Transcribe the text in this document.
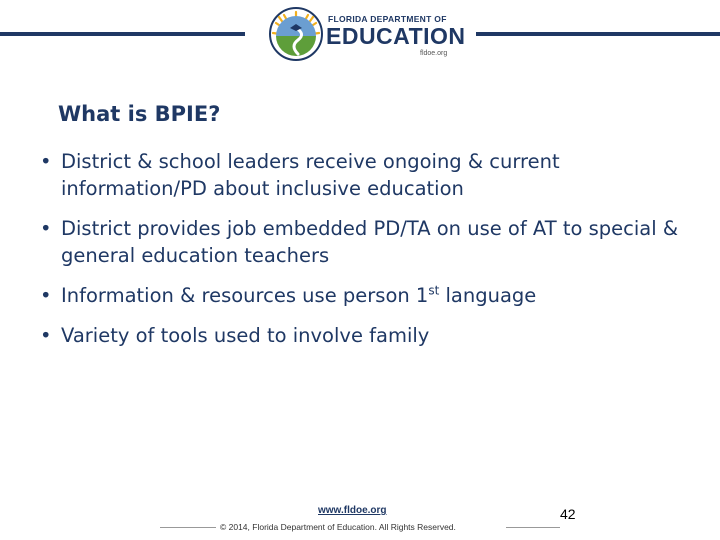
FLORIDA DEPARTMENT OF
EDUCATION
fldoe.org
What is BPIE?
• District & school leaders receive ongoing & current information/PD about inclusive education
• District provides job embedded PD/TA on use of AT to special & general education teachers
• Information & resources use person 1st language
• Variety of tools used to involve family
www.fldoe.org
© 2014, Florida Department of Education. All Rights Reserved.
42
